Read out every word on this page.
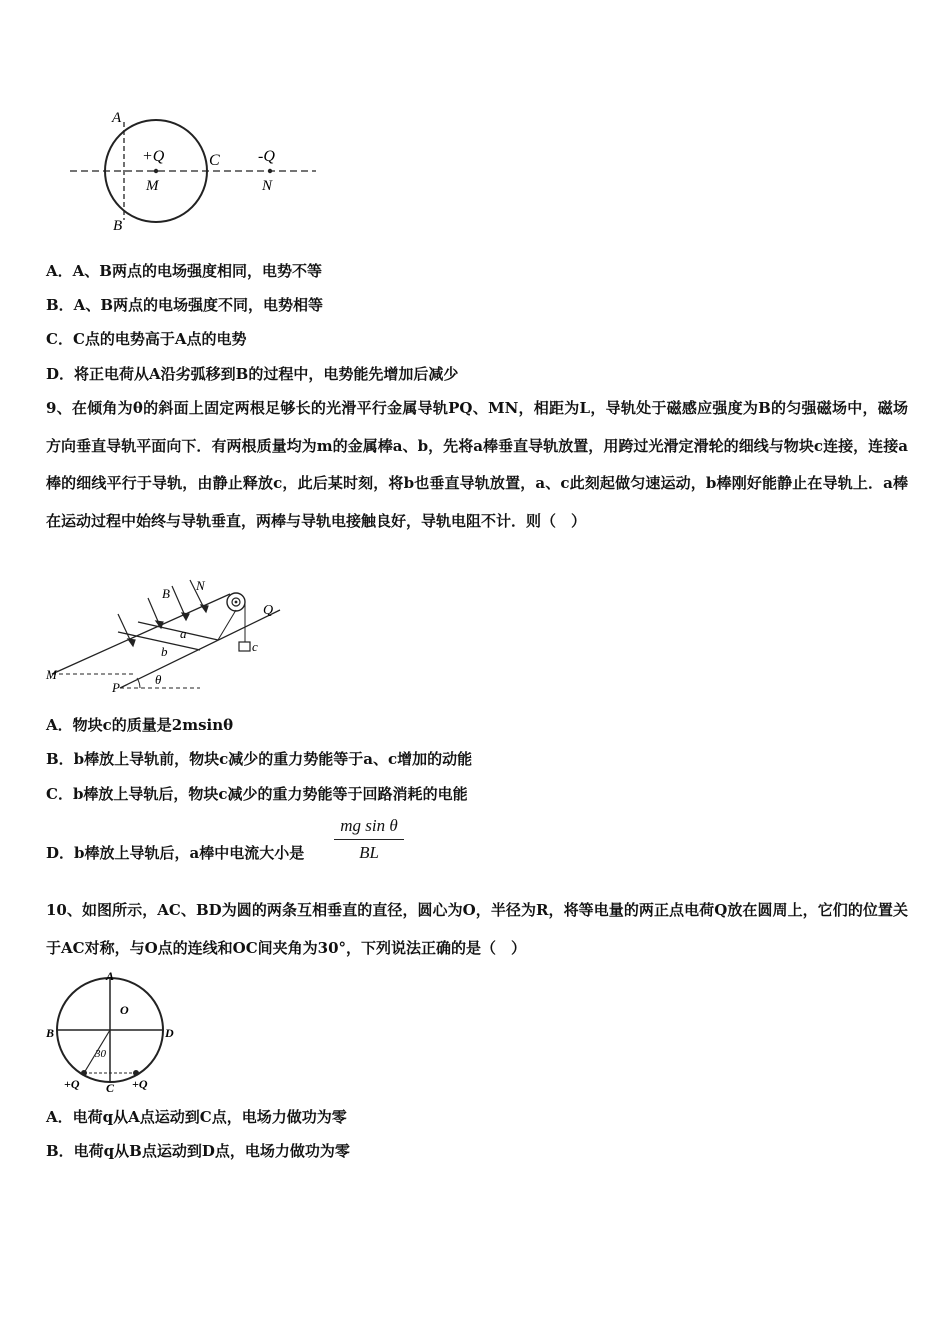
A
B
C
+Q
M
-Q
N
A．A、B两点的电场强度相同，电势不等
B．A、B两点的电场强度不同，电势相等
C．C点的电势高于A点的电势
D．将正电荷从A沿劣弧移到B的过程中，电势能先增加后减少
9、在倾角为θ的斜面上固定两根足够长的光滑平行金属导轨PQ、MN，相距为L，导轨处于磁感应强度为B的匀强磁场中，磁场方向垂直导轨平面向下．有两根质量均为m的金属棒a、b，先将a棒垂直导轨放置，用跨过光滑定滑轮的细线与物块c连接，连接a棒的细线平行于导轨，由静止释放c，此后某时刻，将b也垂直导轨放置，a、c此刻起做匀速运动，b棒刚好能静止在导轨上．a棒在运动过程中始终与导轨垂直，两棒与导轨电接触良好，导轨电阻不计．则（　）
B
N
Q
a
b	c
M
P
θ
A．物块c的质量是2msinθ
B．b棒放上导轨前，物块c减少的重力势能等于a、c增加的动能
C．b棒放上导轨后，物块c减少的重力势能等于回路消耗的电能
D．b棒放上导轨后，a棒中电流大小是 $\frac{\text{mg sin θ}}{BL}$
10、如图所示，AC、BD为圆的两条互相垂直的直径，圆心为O，半径为R，将等电量的两正点电荷Q放在圆周上，它们的位置关于AC对称，与O点的连线和OC间夹角为30°，下列说法正确的是（　）
A
O
B	D
30
C
+Q	+Q
A．电荷q从A点运动到C点，电场力做功为零
B．电荷q从B点运动到D点，电场力做功为零
